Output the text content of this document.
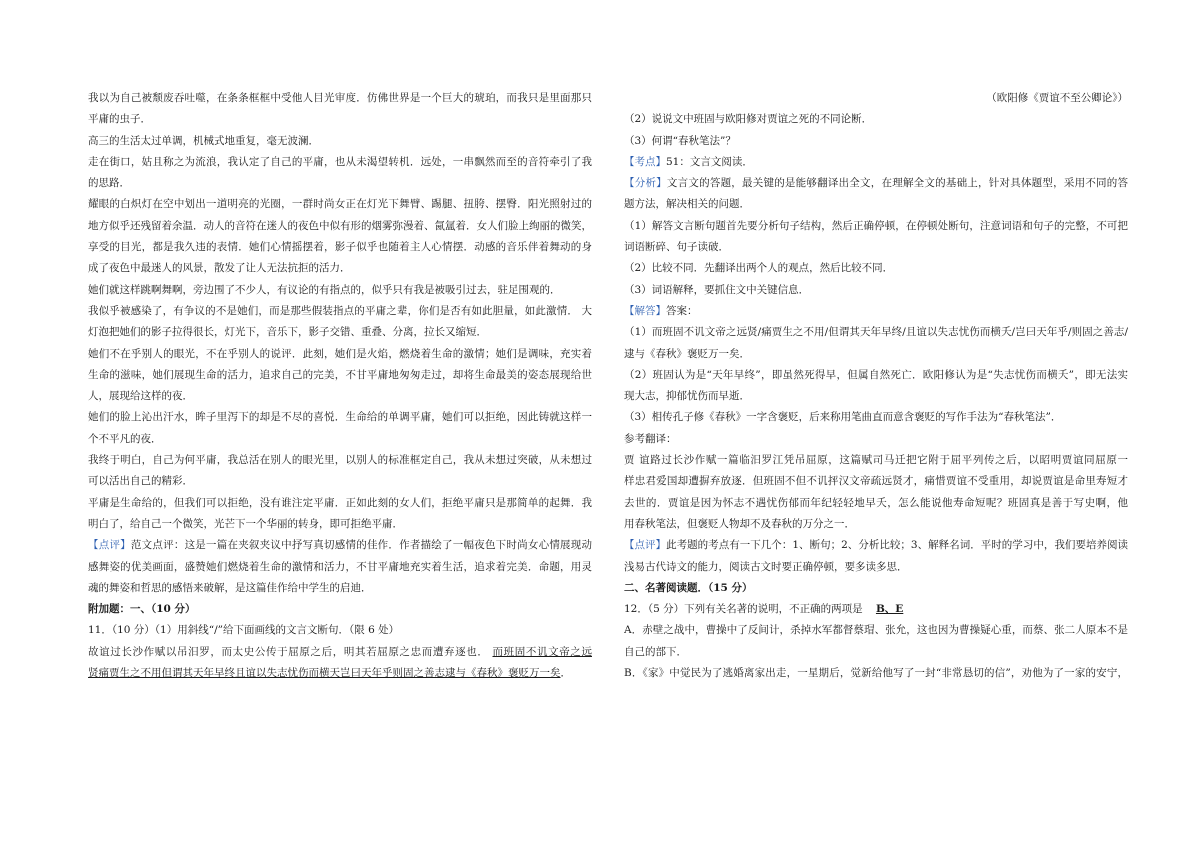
我以为自己被颓废吞吐噬，在条条框框中受他人目光审度．仿佛世界是一个巨大的琥珀，而我只是里面那只
平庸的虫子．
高三的生活太过单调，机械式地重复，毫无波澜．
走在街口，姑且称之为流浪，我认定了自己的平庸，也从未渴望转机．远处，一串飘然而至的音符牵引了我
的思路．
耀眼的白炽灯在空中划出一道明亮的光圈，一群时尚女正在灯光下舞臂、踢腿、扭胯、摆臀．阳光照射过的
地方似乎还残留着余温．动人的音符在迷人的夜色中似有形的烟雾弥漫着、氤氲着．女人们脸上绚丽的微笑，
享受的目光，都是我久违的表情．她们心情摇摆着，影子似乎也随着主人心情摆．动感的音乐伴着舞动的身
成了夜色中最迷人的风景，散发了让人无法抗拒的活力．
她们就这样跳啊舞啊，旁边围了不少人，有议论的有指点的，似乎只有我是被吸引过去，驻足围观的．
我似乎被感染了，有争议的不是她们，而是那些假装指点的平庸之辈，你们是否有如此胆量，如此激情． 大
灯泡把她们的影子拉得很长，灯光下，音乐下，影子交错、重叠、分离，拉长又缩短．
她们不在乎别人的眼光，不在乎别人的说评．此刻，她们是火焰，燃烧着生命的激情；她们是调味，充实着
生命的滋味，她们展现生命的活力，追求自己的完美，不甘平庸地匆匆走过，却将生命最美的姿态展现给世
人，展现给这样的夜．
她们的脸上沁出汗水，眸子里泻下的却是不尽的喜悦．生命给的单调平庸，她们可以拒绝，因此铸就这样一
个不平凡的夜．
我终于明白，自己为何平庸，我总活在别人的眼光里，以别人的标准框定自己，我从未想过突破，从未想过
可以活出自己的精彩．
平庸是生命给的，但我们可以拒绝，没有谁注定平庸．正如此刻的女人们，拒绝平庸只是那简单的起舞．我
明白了，给自己一个微笑，光芒下一个华丽的转身，即可拒绝平庸．
【点评】范文点评：这是一篇在夹叙夹议中抒写真切感情的佳作．作者描绘了一幅夜色下时尚女心情展现动
感舞姿的优美画面，盛赞她们燃烧着生命的激情和活力，不甘平庸地充实着生活，追求着完美．命题，用灵
魂的舞姿和哲思的感悟来破解，是这篇佳作给中学生的启迪．
附加题：一、（10 分）
11．（10 分）（1）用斜线“/”给下面画线的文言文断句．（限 6 处）
故谊过长沙作赋以吊汨罗，而太史公传于屈原之后，明其若屈原之忠而遭弃逐也． 而班固不讥文帝之远
贤痛贾生之不用但谓其天年早终且谊以失志忧伤而横天岂曰天年乎则固之善志逮与《春秋》褒贬万一矣．
（欧阳修《贾谊不至公卿论》）
（2）说说文中班固与欧阳修对贾谊之死的不同论断．
（3）何谓“春秋笔法”？
【考点】51：文言文阅读．
【分析】文言文的答题，最关键的是能够翻译出全文，在理解全文的基础上，针对具体题型，采用不同的答
题方法，解决相关的问题．
（1）解答文言断句题首先要分析句子结构，然后正确停顿，在停顿处断句，注意词语和句子的完整，不可把
词语断碎、句子读破．
（2）比较不同．先翻译出两个人的观点，然后比较不同．
（3）词语解释，要抓住文中关键信息．
【解答】答案：
（1）而班固不讥文帝之远贤/痛贾生之不用/但谓其天年早终/且谊以失志忧伤而横夭/岂曰天年乎/则固之善志/
逮与《春秋》褒贬万一矣．
（2）班固认为是“天年早终”，即虽然死得早，但属自然死亡．欧阳修认为是“失志忧伤而横夭”，即无法实
现大志，抑郁忧伤而早逝．
（3）相传孔子修《春秋》一字含褒贬，后来称用笔曲直而意含褒贬的写作手法为“春秋笔法”．
参考翻译：
贾 谊路过长沙作赋一篇临汨罗江凭吊屈原，这篇赋司马迁把它附于屈平列传之后，以昭明贾谊同屈原一
样忠君爱国却遭摒弃放逐．但班固不但不讥抨汉文帝疏远贤才，痛惜贾谊不受重用，却说贾谊是命里寿短才
去世的．贾谊是因为怀志不遇忧伤郁而年纪轻轻地早夭，怎么能说他寿命短呢？班固真是善于写史啊，他
用春秋笔法，但褒贬人物却不及春秋的万分之一．
【点评】此考题的考点有一下几个：1、断句；2、分析比较；3、解释名词．平时的学习中，我们要培养阅读
浅易古代诗文的能力，阅读古文时要正确停顿，要多读多思．
二、名著阅读题．（15 分）
12．（5 分）下列有关名著的说明，不正确的两项是 B、E
A．赤壁之战中，曹操中了反间计，杀掉水军都督蔡瑁、张允，这也因为曹操疑心重，而蔡、张二人原本不是
自己的部下．
B．《家》中觉民为了逃婚离家出走，一星期后，觉新给他写了一封“非常恳切的信”，劝他为了一家的安宁，
